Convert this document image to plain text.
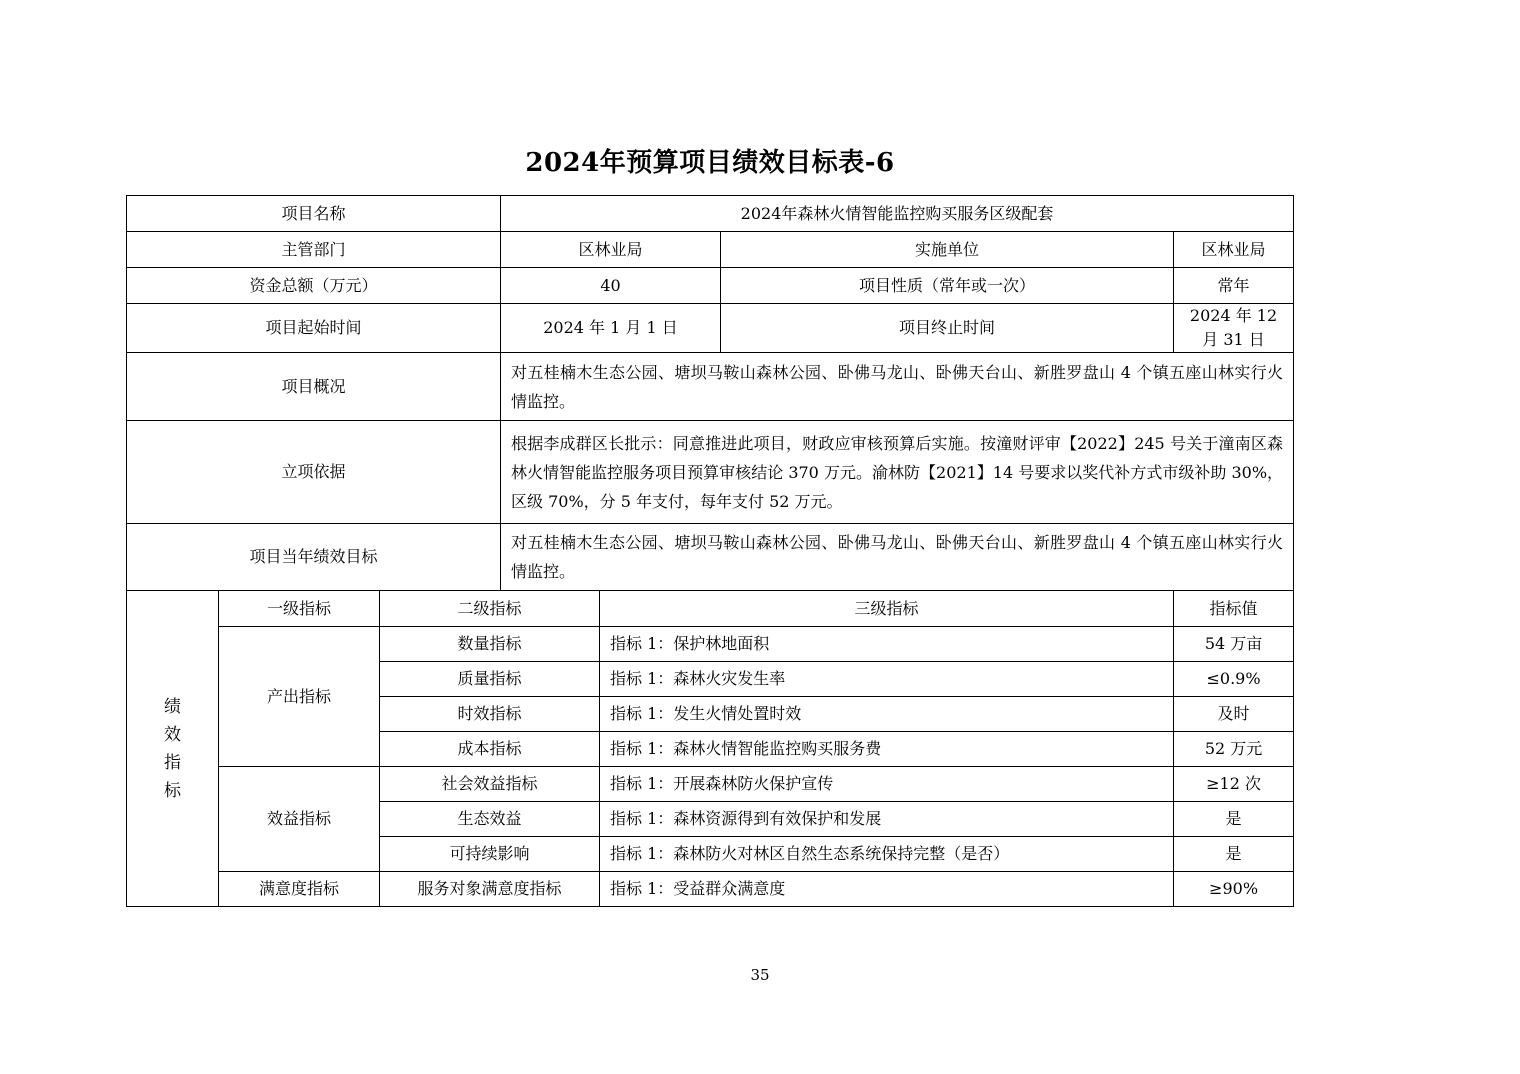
2024年预算项目绩效目标表-6
项目名称			2024年森林火情智能监控购买服务区级配套			
主管部门			区林业局		实施单位	区林业局
资金总额（万元）			40		项目性质（常年或一次）	常年
项目起始时间			2024 年 1 月 1 日		项目终止时间	2024 年 12 月 31 日
项目概况			对五桂楠木生态公园、塘坝马鞍山森林公园、卧佛马龙山、卧佛天台山、新胜罗盘山 4 个镇五座山林实行火情监控。			
立项依据			根据李成群区长批示：同意推进此项目，财政应审核预算后实施。按潼财评审【2022】245 号关于潼南区森林火情智能监控服务项目预算审核结论 370 万元。渝林防【2021】14 号要求以奖代补方式市级补助 30%，区级 70%，分 5 年支付，每年支付 52 万元。			
项目当年绩效目标			对五桂楠木生态公园、塘坝马鞍山森林公园、卧佛马龙山、卧佛天台山、新胜罗盘山 4 个镇五座山林实行火情监控。			

绩
效
指
标	一级指标	二级指标		三级指标		指标值
	产出指标	数量指标		指标 1：保护林地面积		54 万亩
		质量指标		指标 1：森林火灾发生率		≤0.9%
		时效指标		指标 1：发生火情处置时效		及时
		成本指标		指标 1：森林火情智能监控购买服务费		52 万元
	效益指标	社会效益指标		指标 1：开展森林防火保护宣传		≥12 次
		生态效益		指标 1：森林资源得到有效保护和发展		是
		可持续影响		指标 1：森林防火对林区自然生态系统保持完整（是否）		是
	满意度指标	服务对象满意度指标		指标 1：受益群众满意度		≥90%
35
